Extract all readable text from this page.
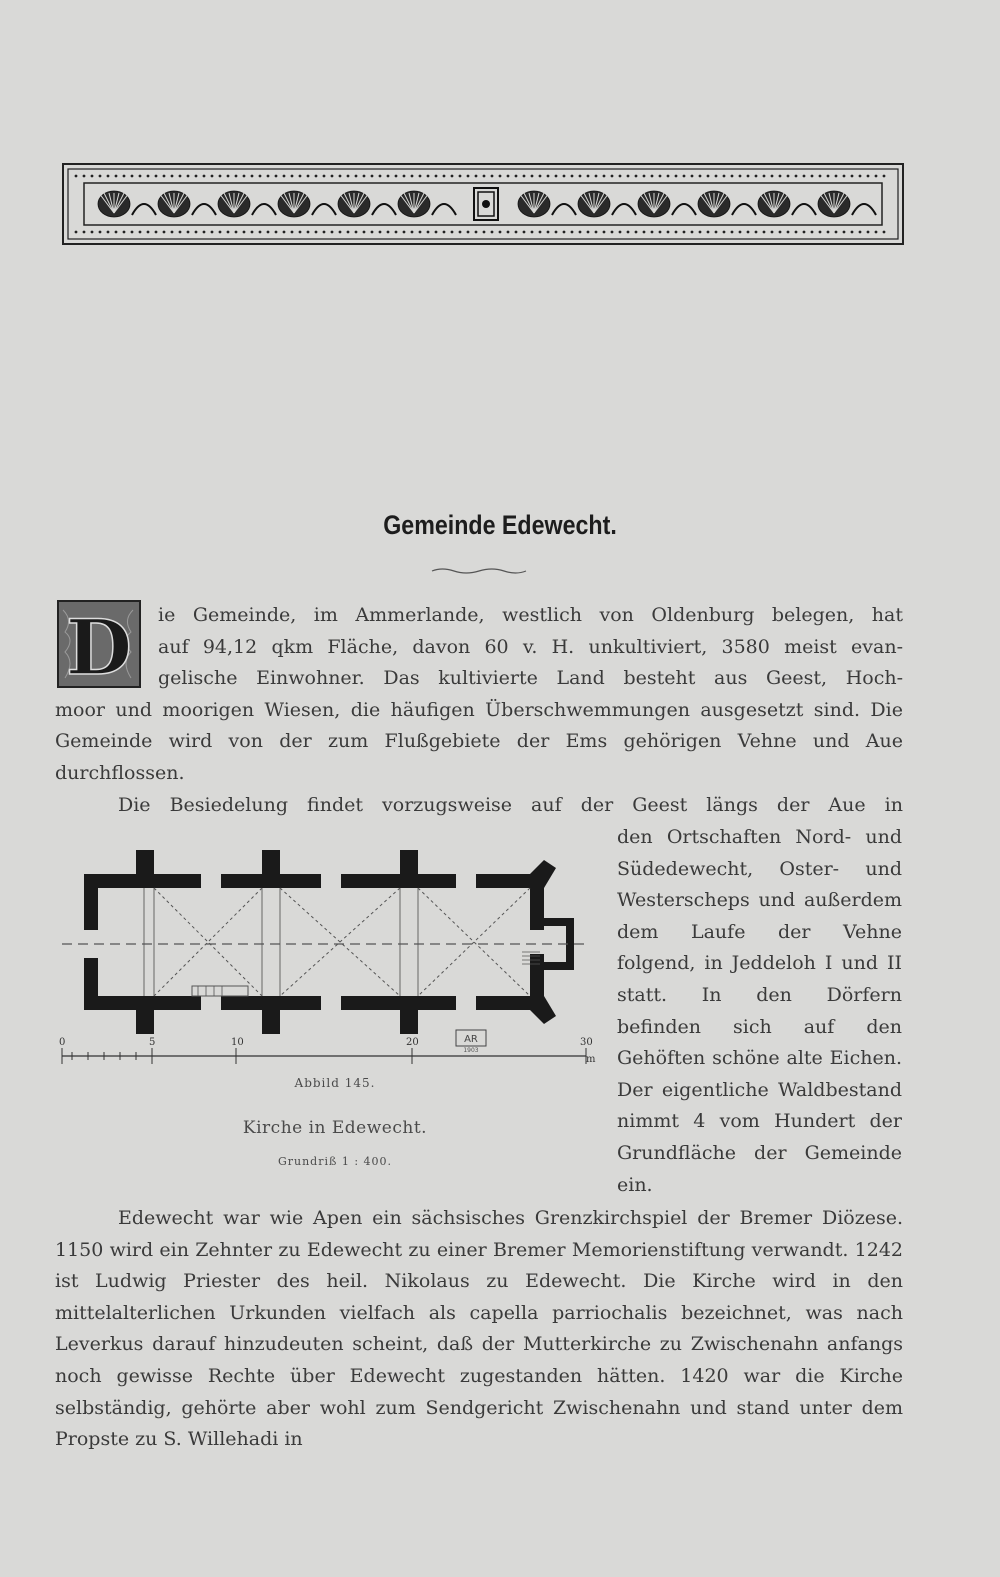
Gemeinde Edewecht.
D ie Gemeinde, im Ammerlande, westlich von Oldenburg belegen, hat

auf 94,12 qkm Fläche, davon 60 v. H. unkultiviert, 3580 meist evan-

gelische Einwohner. Das kultivierte Land besteht aus Geest, Hoch-

moor und moorigen Wiesen, die häufigen Überschwemmungen ausgesetzt sind. Die Gemeinde wird von der zum Flußgebiete der Ems gehörigen Vehne und Aue durchflossen.

Die Besiedelung findet vorzugsweise auf der Geest längs der Aue in

den Ortschaften Nord- und Südedewecht, Oster- und Westerscheps und außerdem dem Laufe der Vehne folgend, in Jeddeloh I und II statt. In den Dörfern befinden sich auf den Gehöften schöne alte Eichen. Der eigentliche Waldbestand nimmt 4 vom Hundert der Grundfläche der Gemeinde ein.

0	5	10	20	30
m
AR
1903
Abbild 145.
Kirche in Edewecht.
Grundriß 1 : 400.

Edewecht war wie Apen ein sächsisches Grenzkirchspiel der Bremer Diözese. 1150 wird ein Zehnter zu Edewecht zu einer Bremer Memorienstiftung verwandt. 1242 ist Ludwig Priester des heil. Nikolaus zu Edewecht. Die Kirche wird in den mittelalterlichen Urkunden vielfach als capella parriochalis bezeichnet, was nach Leverkus darauf hinzudeuten scheint, daß der Mutterkirche zu Zwischenahn anfangs noch gewisse Rechte über Edewecht zugestanden hätten. 1420 war die Kirche selbständig, gehörte aber wohl zum Sendgericht Zwischenahn und stand unter dem Propste zu S. Willehadi in
